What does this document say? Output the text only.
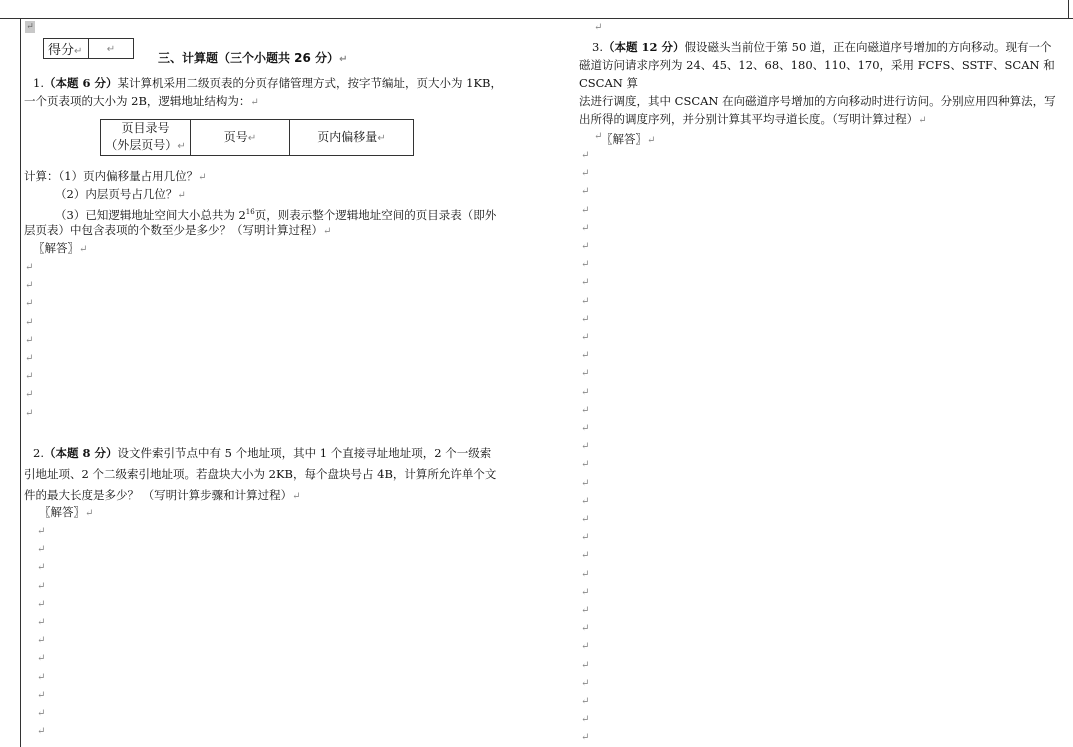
↵
得分↵	↵
三、计算题（三个小题共 26 分）↵
1.（本题 6 分）某计算机采用二级页表的分页存储管理方式，按字节编址，页大小为 1KB，
一个页表项的大小为 2B，逻辑地址结构为：↵
页目录号
（外层页号）↵	页号↵	页内偏移量↵
计算：（1）页内偏移量占用几位？↵
（2）内层页号占几位？↵
（3）已知逻辑地址空间大小总共为 $2^{16}$页，则表示整个逻辑地址空间的页目录表（即外
层页表）中包含表项的个数至少是多少？（写明计算过程）↵
〖解答〗↵
↵
↵
↵
↵
↵
↵
↵
↵
↵
2.（本题 8 分）设文件索引节点中有 5 个地址项，其中 1 个直接寻址地址项，2 个一级索
引地址项、2 个二级索引地址项。若盘块大小为 2KB，每个盘块号占 4B，计算所允许单个文
件的最大长度是多少？ （写明计算步骤和计算过程）↵
〖解答〗↵
↵
↵
↵
↵
↵
↵
↵
↵
↵
↵
↵
↵
↵
3.（本题 12 分）假设磁头当前位于第 50 道，正在向磁道序号增加的方向移动。现有一个
磁道访问请求序列为 24、45、12、68、180、110、170，采用 FCFS、SSTF、SCAN 和 CSCAN 算
法进行调度，其中 CSCAN 在向磁道序号增加的方向移动时进行访问。分别应用四种算法，写
出所得的调度序列，并分别计算其平均寻道长度。（写明计算过程）↵
〖解答〗↵
↵
↵
↵
↵
↵
↵
↵
↵
↵
↵
↵
↵
↵
↵
↵
↵
↵
↵
↵
↵
↵
↵
↵
↵
↵
↵
↵
↵
↵
↵
↵
↵
↵
↵
